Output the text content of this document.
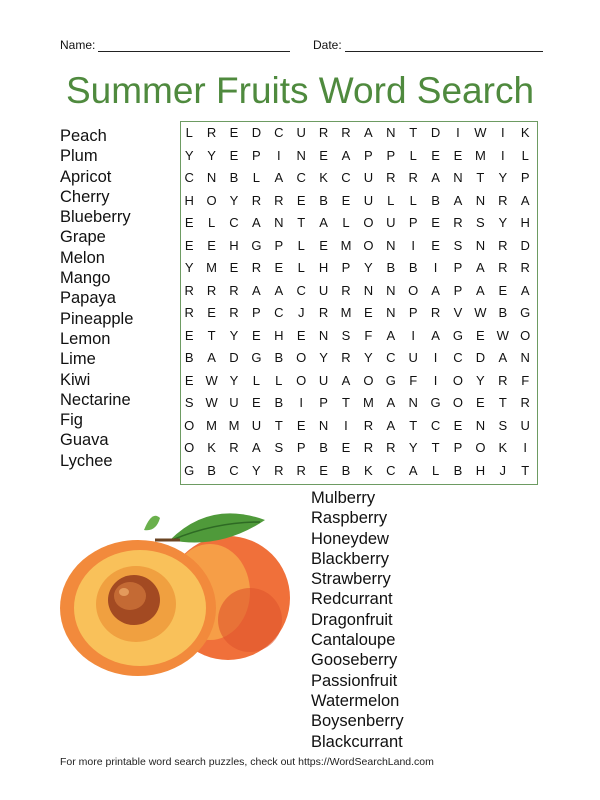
Name:	Date:
Summer Fruits Word Search
Peach
Plum
Apricot
Cherry
Blueberry
Grape
Melon
Mango
Papaya
Pineapple
Lemon
Lime
Kiwi
Nectarine
Fig
Guava
Lychee
L	R	E	D	C	U	R	R	A	N	T	D	I	W	I	K
Y	Y	E	P	I	N	E	A	P	P	L	E	E M	I	L
C	N	B	L	A	C	K	C	U	R	R	A	N	T	Y	P
H O	Y	R	R	E	B	E	U	L	L	B	A	N	R	A
E	L	C	A	N	T	A	L	O U	P	E	R	S	Y	H
E	E	H G	P	L	E M O N	I	E	S	N	R	D
Y M E	R	E	L	H	P	Y	B	B	I	P	A	R	R
R	R	R	A	A	C	U	R	N	N O	A	P	A	E	A
R	E	R	P	C	J	R M E	N	P	R	V W B	G
E	T	Y	E	H	E	N	S	F	A	I	A	G	E W O
B	A	D G	B	O	Y	R	Y	C	U	I	C	D	A	N
E W Y	L	L	O U	A O G	F	I	O	Y	R	F
S W U	E	B	I	P	T M A	N G O	E	T	R
O M M U	T	E	N	I	R	A	T	C	E	N	S	U
O	K	R	A	S	P	B	E	R	R	Y	T	P O	K	I
G	B	C	Y	R	R	E	B	K	C	A	L	B	H	J	T
Mulberry
Raspberry
Honeydew
Blackberry
Strawberry
Redcurrant
Dragonfruit
Cantaloupe
Gooseberry
Passionfruit
Watermelon
Boysenberry
Blackcurrant
For more printable word search puzzles, check out https://WordSearchLand.com
